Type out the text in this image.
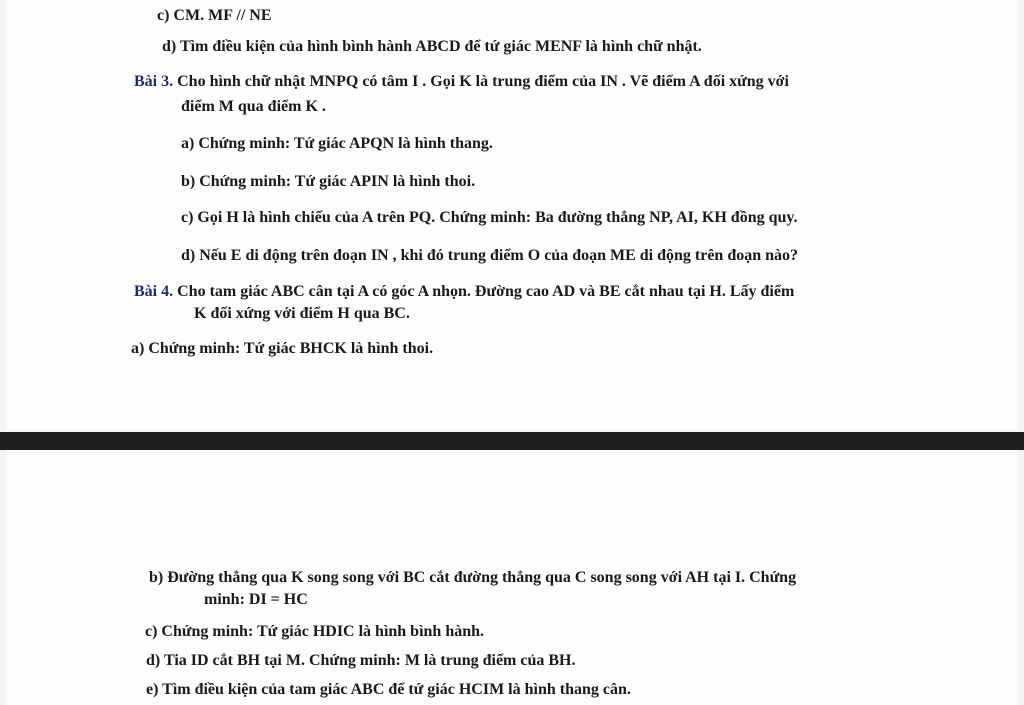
c) CM. MF // NE
d) Tìm điều kiện của hình bình hành ABCD để tứ giác MENF là hình chữ nhật.
Bài 3. Cho hình chữ nhật MNPQ có tâm I . Gọi K là trung điểm của IN . Vẽ điểm A đối xứng với
điểm M qua điểm K .
a) Chứng minh: Tứ giác APQN là hình thang.
b) Chứng minh: Tứ giác APIN là hình thoi.
c) Gọi H là hình chiếu của A trên PQ. Chứng minh: Ba đường thẳng NP, AI, KH đồng quy.
d) Nếu E di động trên đoạn IN , khi đó trung điểm O của đoạn ME di động trên đoạn nào?
Bài 4. Cho tam giác ABC cân tại A có góc A nhọn. Đường cao AD và BE cắt nhau tại H. Lấy điểm
K đối xứng với điểm H qua BC.
a) Chứng minh: Tứ giác BHCK là hình thoi.
b) Đường thẳng qua K song song với BC cắt đường thẳng qua C song song với AH tại I. Chứng
minh: DI = HC
c) Chứng minh: Tứ giác HDIC là hình bình hành.
d) Tia ID cắt BH tại M. Chứng minh: M là trung điểm của BH.
e) Tìm điều kiện của tam giác ABC để tứ giác HCIM là hình thang cân.
